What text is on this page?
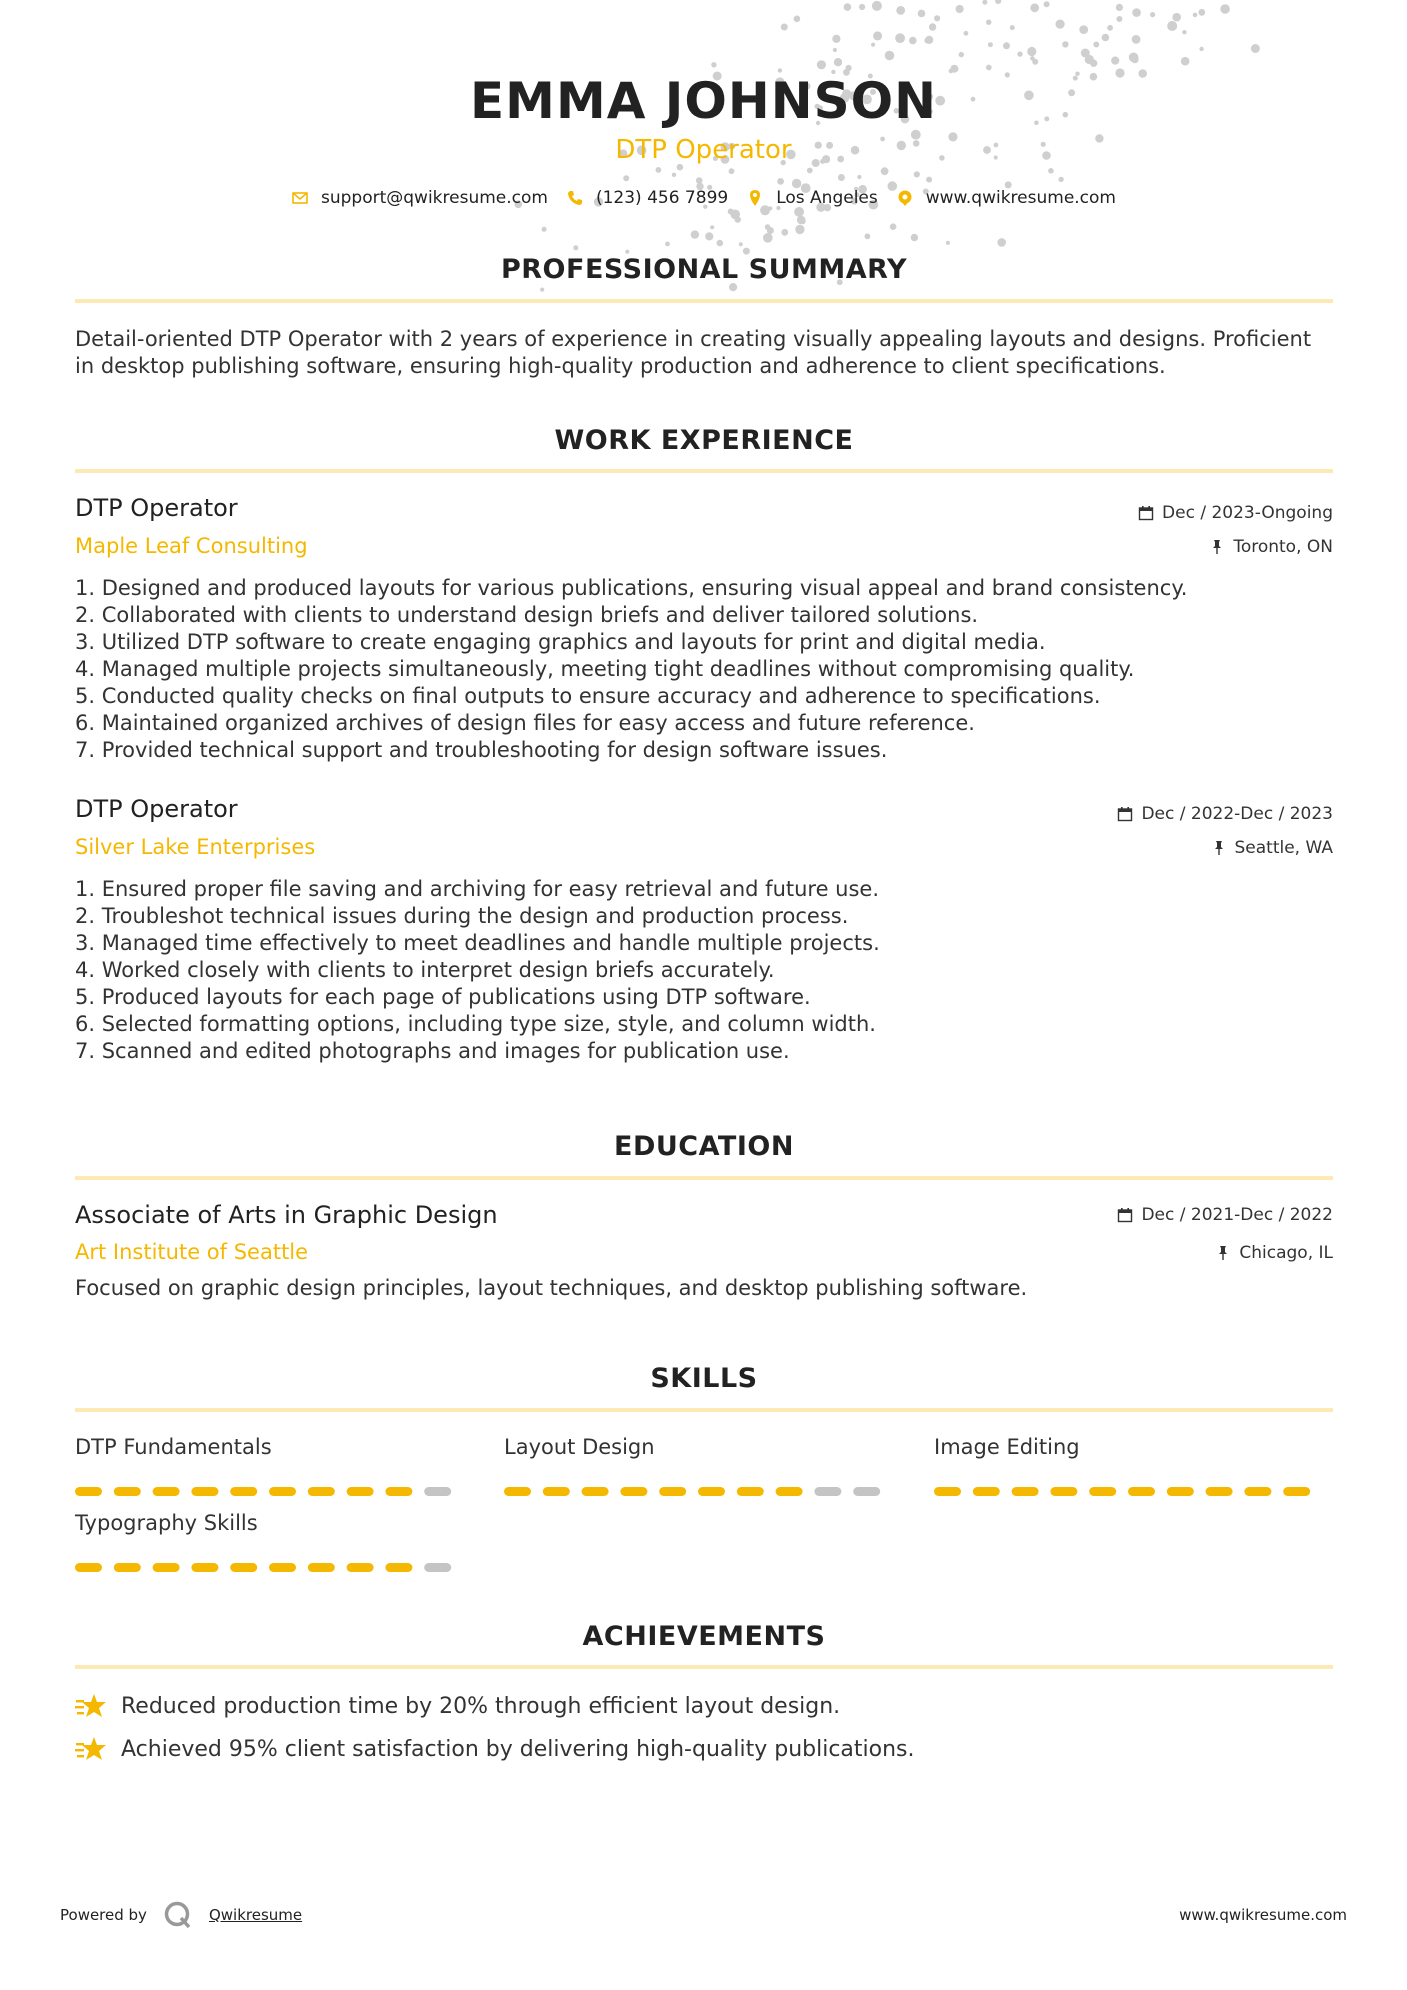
EMMA JOHNSON
DTP Operator
support@qwikresume.com	(123) 456 7899	Los Angeles	www.qwikresume.com
PROFESSIONAL SUMMARY
Detail-oriented DTP Operator with 2 years of experience in creating visually appealing layouts and designs. Proficient in desktop publishing software, ensuring high-quality production and adherence to client specifications.
WORK EXPERIENCE
DTP Operator	Dec / 2023-Ongoing
Maple Leaf Consulting	Toronto, ON
1. Designed and produced layouts for various publications, ensuring visual appeal and brand consistency.
2. Collaborated with clients to understand design briefs and deliver tailored solutions.
3. Utilized DTP software to create engaging graphics and layouts for print and digital media.
4. Managed multiple projects simultaneously, meeting tight deadlines without compromising quality.
5. Conducted quality checks on final outputs to ensure accuracy and adherence to specifications.
6. Maintained organized archives of design files for easy access and future reference.
7. Provided technical support and troubleshooting for design software issues.
DTP Operator	Dec / 2022-Dec / 2023
Silver Lake Enterprises	Seattle, WA
1. Ensured proper file saving and archiving for easy retrieval and future use.
2. Troubleshot technical issues during the design and production process.
3. Managed time effectively to meet deadlines and handle multiple projects.
4. Worked closely with clients to interpret design briefs accurately.
5. Produced layouts for each page of publications using DTP software.
6. Selected formatting options, including type size, style, and column width.
7. Scanned and edited photographs and images for publication use.
EDUCATION
Associate of Arts in Graphic Design	Dec / 2021-Dec / 2022
Art Institute of Seattle	Chicago, IL
Focused on graphic design principles, layout techniques, and desktop publishing software.
SKILLS
DTP Fundamentals	Layout Design	Image Editing
Typography Skills
ACHIEVEMENTS
Reduced production time by 20% through efficient layout design.
Achieved 95% client satisfaction by delivering high-quality publications.
Powered by	Qwikresume	www.qwikresume.com
